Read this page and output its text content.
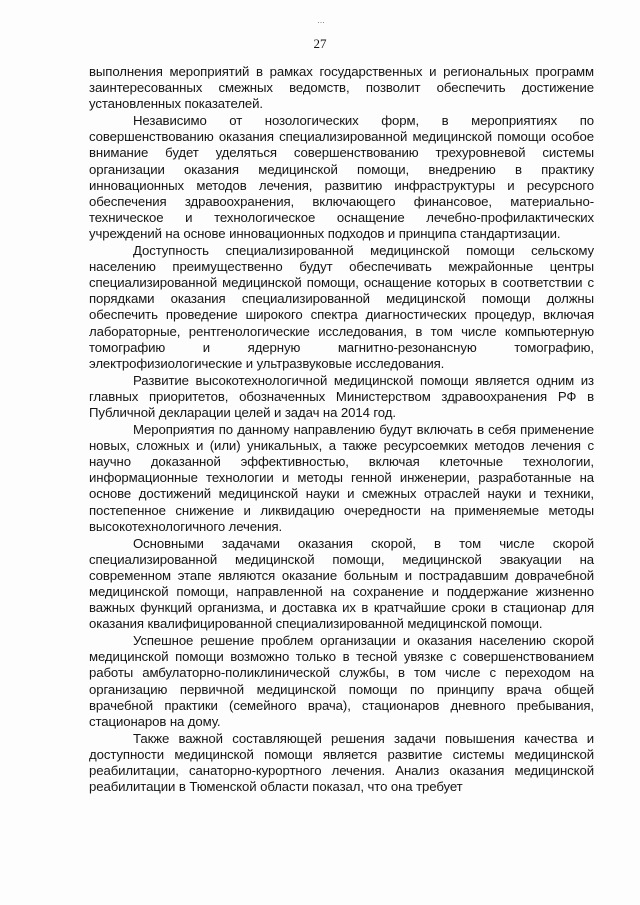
…
27

выполнения мероприятий в рамках государственных и региональных программ заинтересованных смежных ведомств, позволит обеспечить достижение установленных показателей.

Независимо от нозологических форм, в мероприятиях по совершенствованию оказания специализированной медицинской помощи особое внимание будет уделяться совершенствованию трехуровневой системы организации оказания медицинской помощи, внедрению в практику инновационных методов лечения, развитию инфраструктуры и ресурсного обеспечения здравоохранения, включающего финансовое, материально-техническое и технологическое оснащение лечебно-профилактических учреждений на основе инновационных подходов и принципа стандартизации.

Доступность специализированной медицинской помощи сельскому населению преимущественно будут обеспечивать межрайонные центры специализированной медицинской помощи, оснащение которых в соответствии с порядками оказания специализированной медицинской помощи должны обеспечить проведение широкого спектра диагностических процедур, включая лабораторные, рентгенологические исследования, в том числе компьютерную томографию и ядерную магнитно-резонансную томографию, электрофизиологические и ультразвуковые исследования.

Развитие высокотехнологичной медицинской помощи является одним из главных приоритетов, обозначенных Министерством здравоохранения РФ в Публичной декларации целей и задач на 2014 год.

Мероприятия по данному направлению будут включать в себя применение новых, сложных и (или) уникальных, а также ресурсоемких методов лечения с научно доказанной эффективностью, включая клеточные технологии, информационные технологии и методы генной инженерии, разработанные на основе достижений медицинской науки и смежных отраслей науки и техники, постепенное снижение и ликвидацию очередности на применяемые методы высокотехнологичного лечения.

Основными задачами оказания скорой, в том числе скорой специализированной медицинской помощи, медицинской эвакуации на современном этапе являются оказание больным и пострадавшим доврачебной медицинской помощи, направленной на сохранение и поддержание жизненно важных функций организма, и доставка их в кратчайшие сроки в стационар для оказания квалифицированной специализированной медицинской помощи.

Успешное решение проблем организации и оказания населению скорой медицинской помощи возможно только в тесной увязке с совершенствованием работы амбулаторно-поликлинической службы, в том числе с переходом на организацию первичной медицинской помощи по принципу врача общей врачебной практики (семейного врача), стационаров дневного пребывания, стационаров на дому.

Также важной составляющей решения задачи повышения качества и доступности медицинской помощи является развитие системы медицинской реабилитации, санаторно-курортного лечения. Анализ оказания медицинской реабилитации в Тюменской области показал, что она требует
